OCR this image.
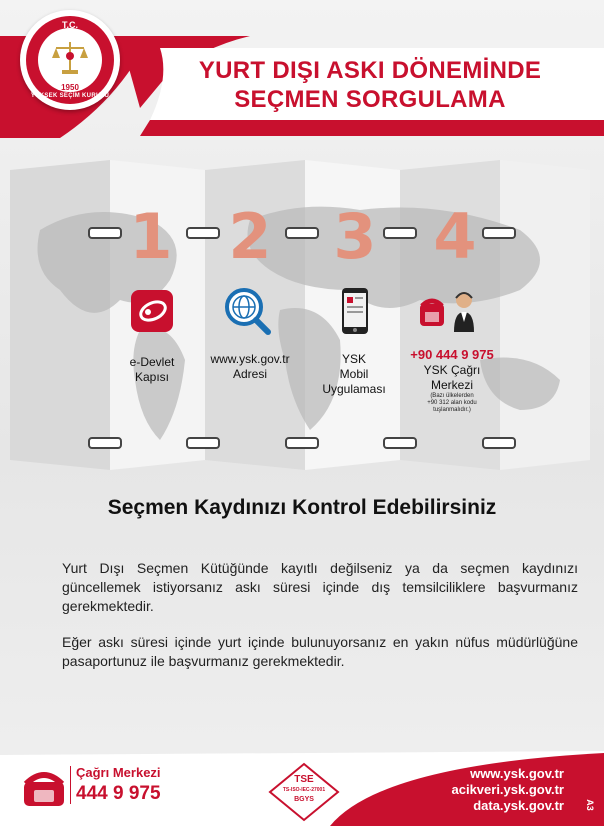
T.C.
1950
YÜKSEK SEÇİM KURULU
YURT DIŞI ASKI DÖNEMİNDE
SEÇMEN SORGULAMA
1 2 3 4
e-Devlet
Kapısı
www.ysk.gov.tr
Adresi
YSK
Mobil
Uygulaması
+90 444 9 975
YSK Çağrı
Merkezi
(Bazı ülkelerden
+90 312 alan kodu
tuşlanmalıdır.)
Seçmen Kaydınızı Kontrol Edebilirsiniz
Yurt Dışı Seçmen Kütüğünde kayıtlı değilseniz ya da seçmen kaydınızı güncellemek istiyorsanız askı süresi içinde dış temsilciliklere başvurmanız gerekmektedir.
Eğer askı süresi içinde yurt içinde bulunuyorsanız en yakın nüfus müdürlüğüne pasaportunuz ile başvurmanız gerekmektedir.
Çağrı Merkezi
444 9 975
TSE
TS-ISO-IEC-27001
BGYS
www.ysk.gov.tr
acikveri.ysk.gov.tr
data.ysk.gov.tr A3
